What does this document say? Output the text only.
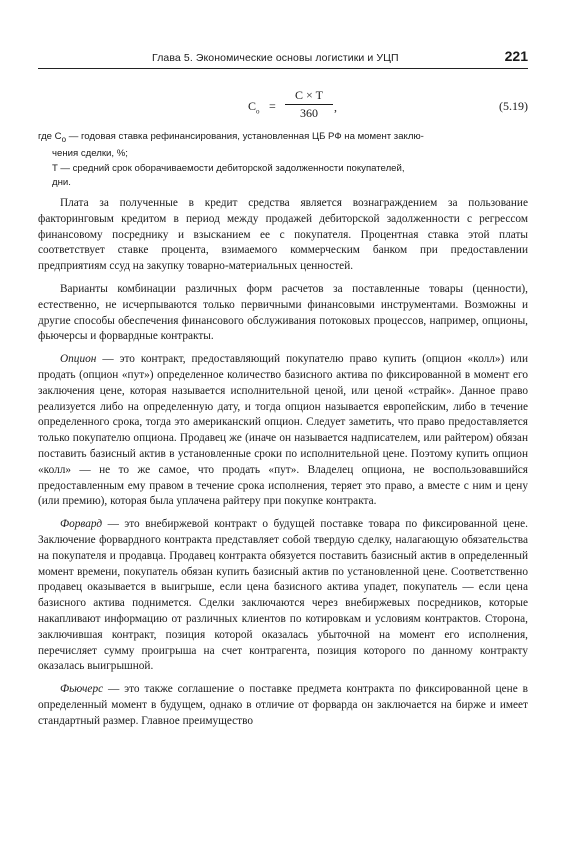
Глава 5. Экономические основы логистики и УЦП	221
$C_o = \frac{C \times T}{360}$ ,	(5.19)

где $C_o$ — годовая ставка рефинансирования, установленная ЦБ РФ на момент заклю-

чения сделки, %;

T — средний срок оборачиваемости дебиторской задолженности покупателей,

дни.

Плата за полученные в кредит средства является вознаграждением за пользование факторинговым кредитом в период между продажей дебиторской задолженности с регрессом финансовому посреднику и взысканием ее с покупателя. Процентная ставка этой платы соответствует ставке процента, взимаемого коммерческим банком при предоставлении предприятиям ссуд на закупку товарно-материальных ценностей.

Варианты комбинации различных форм расчетов за поставленные товары (ценности), естественно, не исчерпываются только первичными финансовыми инструментами. Возможны и другие способы обеспечения финансового обслуживания потоковых процессов, например, опционы, фьючерсы и форвардные контракты.

Опцион — это контракт, предоставляющий покупателю право купить (опцион «колл») или продать (опцион «пут») определенное количество базисного актива по фиксированной в момент его заключения цене, которая называется исполнительной ценой, или ценой «страйк». Данное право реализуется либо на определенную дату, и тогда опцион называется европейским, либо в течение определенного срока, тогда это американский опцион. Следует заметить, что право предоставляется только покупателю опциона. Продавец же (иначе он называется надписателем, или райтером) обязан поставить базисный актив в установленные сроки по исполнительной цене. Поэтому купить опцион «колл» — не то же самое, что продать «пут». Владелец опциона, не воспользовавшийся предоставленным ему правом в течение срока исполнения, теряет это право, а вместе с ним и цену (или премию), которая была уплачена райтеру при покупке контракта.

Форвард — это внебиржевой контракт о будущей поставке товара по фиксированной цене. Заключение форвардного контракта представляет собой твердую сделку, налагающую обязательства на покупателя и продавца. Продавец контракта обязуется поставить базисный актив в определенный момент времени, покупатель обязан купить базисный актив по установленной цене. Соответственно продавец оказывается в выигрыше, если цена базисного актива упадет, покупатель — если цена базисного актива поднимется. Сделки заключаются через внебиржевых посредников, которые накапливают информацию от различных клиентов по котировкам и условиям контрактов. Сторона, заключившая контракт, позиция которой оказалась убыточной на момент его исполнения, перечисляет сумму проигрыша на счет контрагента, позиция которого по данному контракту оказалась выигрышной.

Фьючерс — это также соглашение о поставке предмета контракта по фиксированной цене в определенный момент в будущем, однако в отличие от форварда он заключается на бирже и имеет стандартный размер. Главное преимущество
